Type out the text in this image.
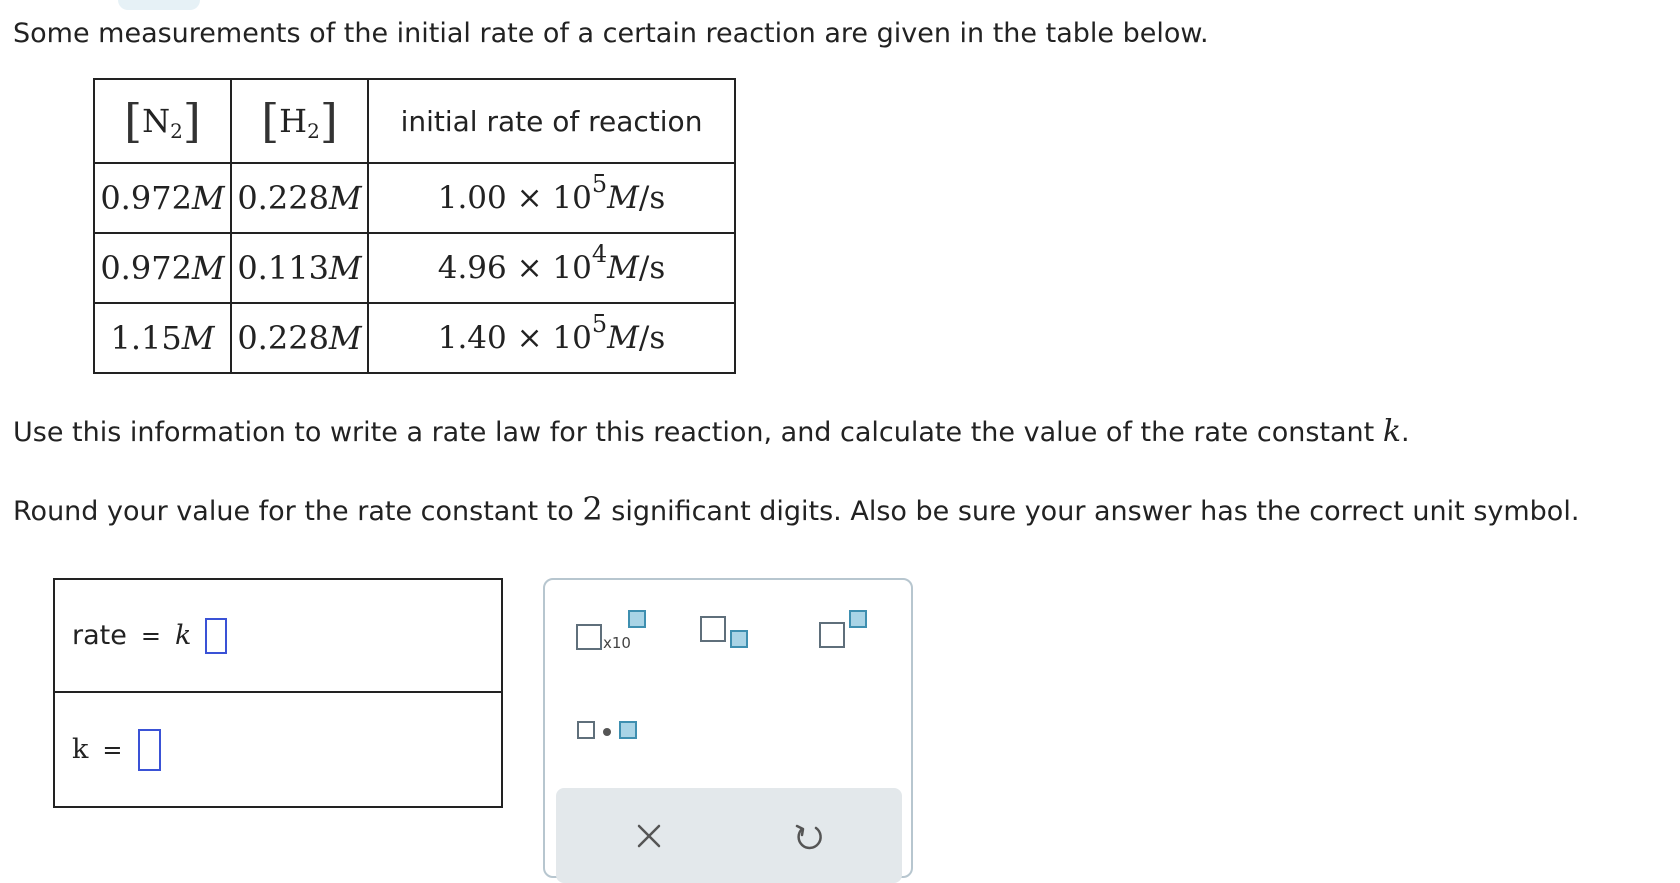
Some measurements of the initial rate of a certain reaction are given in the table below.
[ N 2 ]	[ H 2 ]	initial rate of reaction
0.972M	0.228M	$1.00 \times 10^5M/s$
0.972M	0.113M	$4.96 \times 10^4M/s$
1.15M	0.228M	$1.40 \times 10^5M/s$
Use this information to write a rate law for this reaction, and calculate the value of the rate constant k.
Round your value for the rate constant to 2 significant digits. Also be sure your answer has the correct unit symbol.
rate = k
k =
x10
